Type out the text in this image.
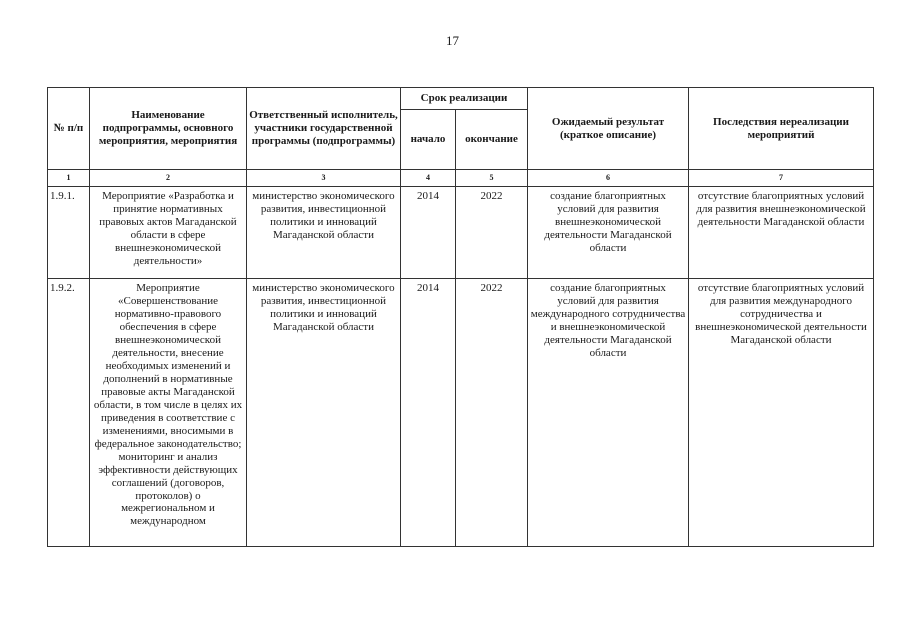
17
№ п/п	Наименование подпрограммы, основного мероприятия, мероприятия	Ответственный исполнитель, участники государственной программы (подпрограммы)	Срок реализации		Ожидаемый результат (краткое описание)	Последствия нереализации мероприятий
			начало	окончание		
1	2	3	4	5	6	7
1.9.1.	Мероприятие «Разработка и принятие нормативных правовых актов Магаданской области в сфере внешнеэкономической деятельности»	министерство экономического развития, инвестиционной политики и инноваций Магаданской области	2014	2022	создание благоприятных условий для развития внешнеэкономической деятельности Магаданской области	отсутствие благоприятных условий для развития внешнеэкономической деятельности Магаданской области
1.9.2.	Мероприятие «Совершенствование нормативно-правового обеспечения в сфере внешнеэкономической деятельности, внесение необходимых изменений и дополнений в нормативные правовые акты Магаданской области, в том числе в целях их приведения в соответствие с изменениями, вносимыми в федеральное законодательство; мониторинг и анализ эффективности действующих соглашений (договоров, протоколов) о межрегиональном и международном	министерство экономического развития, инвестиционной политики и инноваций Магаданской области	2014	2022	создание благоприятных условий для развития международного сотрудничества и внешнеэкономической деятельности Магаданской области	отсутствие благоприятных условий для развития международного сотрудничества и внешнеэкономической деятельности Магаданской области
